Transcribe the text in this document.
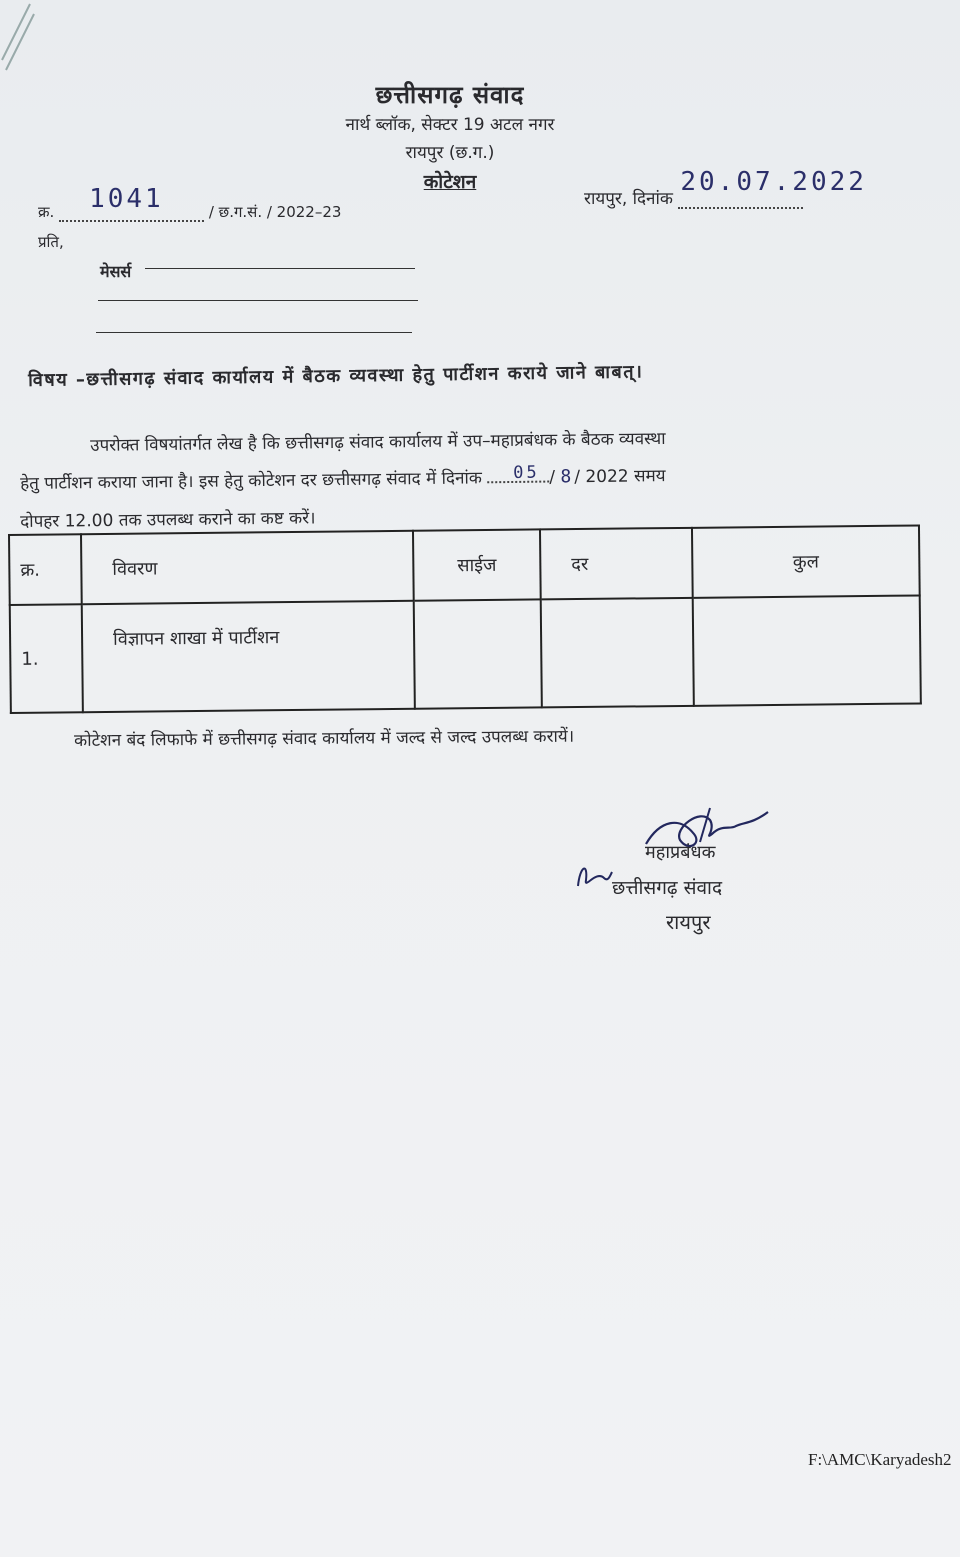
छत्तीसगढ़ संवाद
नार्थ ब्लॉक, सेक्टर 19 अटल नगर
रायपुर (छ.ग.)
कोटेशन
क्र. 1041	/ छ.ग.सं. / 2022–23
रायपुर, दिनांक
20.07.2022
प्रति,
मेसर्स
विषय –छत्तीसगढ़ संवाद कार्यालय में बैठक व्यवस्था हेतु पार्टीशन कराये जाने बाबत्।
उपरोक्त विषयांतर्गत लेख है कि छत्तीसगढ़ संवाद कार्यालय में उप–महाप्रबंधक के बैठक व्यवस्था
हेतु पार्टीशन कराया जाना है। इस हेतु कोटेशन दर छत्तीसगढ़ संवाद में दिनांक 05 / 8/ 2022 समय
दोपहर 12.00 तक उपलब्ध कराने का कष्ट करें।
क्र.	विवरण	साईज	दर	कुल
1.	विज्ञापन शाखा में पार्टीशन			
कोटेशन बंद लिफाफे में छत्तीसगढ़ संवाद कार्यालय में जल्द से जल्द उपलब्ध करायें।
महाप्रबंधक
छत्तीसगढ़ संवाद
रायपुर
F:\AMC\Karyadesh2
